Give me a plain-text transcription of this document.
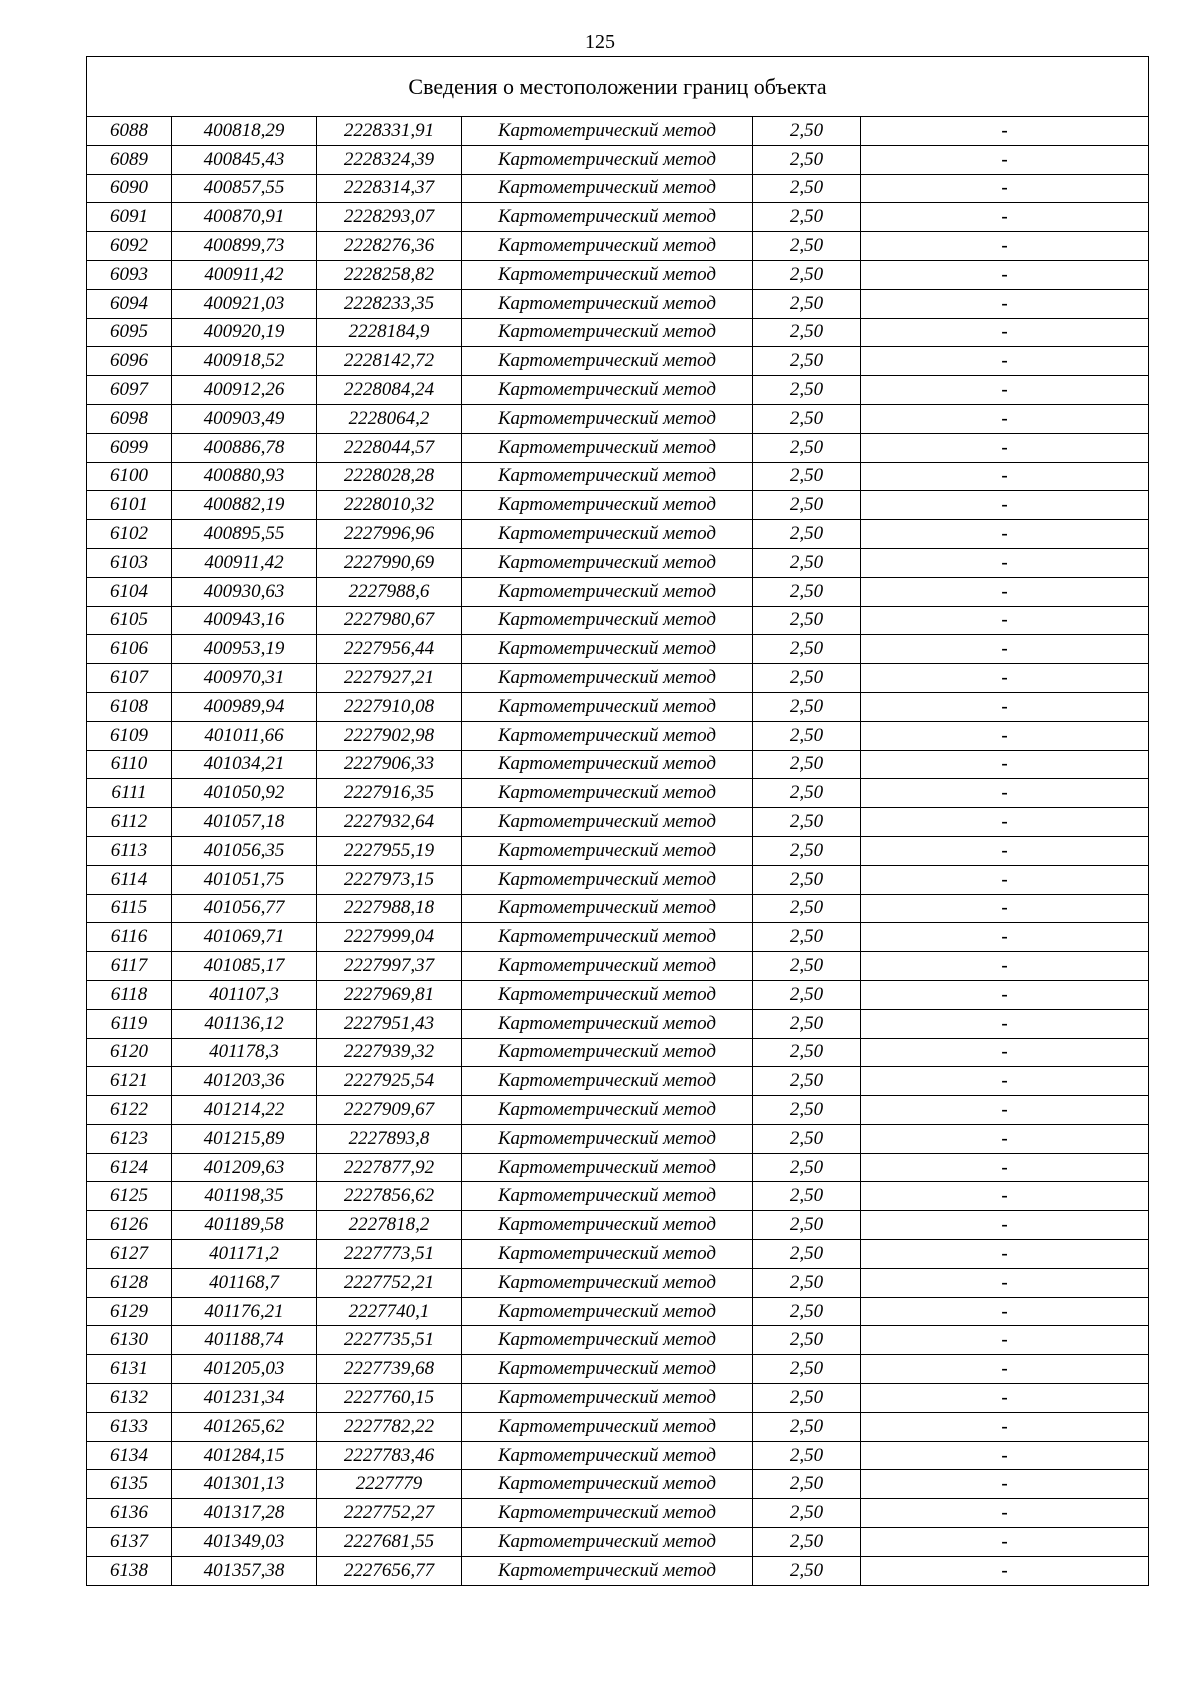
125
Сведения о местоположении границ объекта					
6088	400818,29	2228331,91	Картометрический метод	2,50	-
6089	400845,43	2228324,39	Картометрический метод	2,50	-
6090	400857,55	2228314,37	Картометрический метод	2,50	-
6091	400870,91	2228293,07	Картометрический метод	2,50	-
6092	400899,73	2228276,36	Картометрический метод	2,50	-
6093	400911,42	2228258,82	Картометрический метод	2,50	-
6094	400921,03	2228233,35	Картометрический метод	2,50	-
6095	400920,19	2228184,9	Картометрический метод	2,50	-
6096	400918,52	2228142,72	Картометрический метод	2,50	-
6097	400912,26	2228084,24	Картометрический метод	2,50	-
6098	400903,49	2228064,2	Картометрический метод	2,50	-
6099	400886,78	2228044,57	Картометрический метод	2,50	-
6100	400880,93	2228028,28	Картометрический метод	2,50	-
6101	400882,19	2228010,32	Картометрический метод	2,50	-
6102	400895,55	2227996,96	Картометрический метод	2,50	-
6103	400911,42	2227990,69	Картометрический метод	2,50	-
6104	400930,63	2227988,6	Картометрический метод	2,50	-
6105	400943,16	2227980,67	Картометрический метод	2,50	-
6106	400953,19	2227956,44	Картометрический метод	2,50	-
6107	400970,31	2227927,21	Картометрический метод	2,50	-
6108	400989,94	2227910,08	Картометрический метод	2,50	-
6109	401011,66	2227902,98	Картометрический метод	2,50	-
6110	401034,21	2227906,33	Картометрический метод	2,50	-
6111	401050,92	2227916,35	Картометрический метод	2,50	-
6112	401057,18	2227932,64	Картометрический метод	2,50	-
6113	401056,35	2227955,19	Картометрический метод	2,50	-
6114	401051,75	2227973,15	Картометрический метод	2,50	-
6115	401056,77	2227988,18	Картометрический метод	2,50	-
6116	401069,71	2227999,04	Картометрический метод	2,50	-
6117	401085,17	2227997,37	Картометрический метод	2,50	-
6118	401107,3	2227969,81	Картометрический метод	2,50	-
6119	401136,12	2227951,43	Картометрический метод	2,50	-
6120	401178,3	2227939,32	Картометрический метод	2,50	-
6121	401203,36	2227925,54	Картометрический метод	2,50	-
6122	401214,22	2227909,67	Картометрический метод	2,50	-
6123	401215,89	2227893,8	Картометрический метод	2,50	-
6124	401209,63	2227877,92	Картометрический метод	2,50	-
6125	401198,35	2227856,62	Картометрический метод	2,50	-
6126	401189,58	2227818,2	Картометрический метод	2,50	-
6127	401171,2	2227773,51	Картометрический метод	2,50	-
6128	401168,7	2227752,21	Картометрический метод	2,50	-
6129	401176,21	2227740,1	Картометрический метод	2,50	-
6130	401188,74	2227735,51	Картометрический метод	2,50	-
6131	401205,03	2227739,68	Картометрический метод	2,50	-
6132	401231,34	2227760,15	Картометрический метод	2,50	-
6133	401265,62	2227782,22	Картометрический метод	2,50	-
6134	401284,15	2227783,46	Картометрический метод	2,50	-
6135	401301,13	2227779	Картометрический метод	2,50	-
6136	401317,28	2227752,27	Картометрический метод	2,50	-
6137	401349,03	2227681,55	Картометрический метод	2,50	-
6138	401357,38	2227656,77	Картометрический метод	2,50	-
